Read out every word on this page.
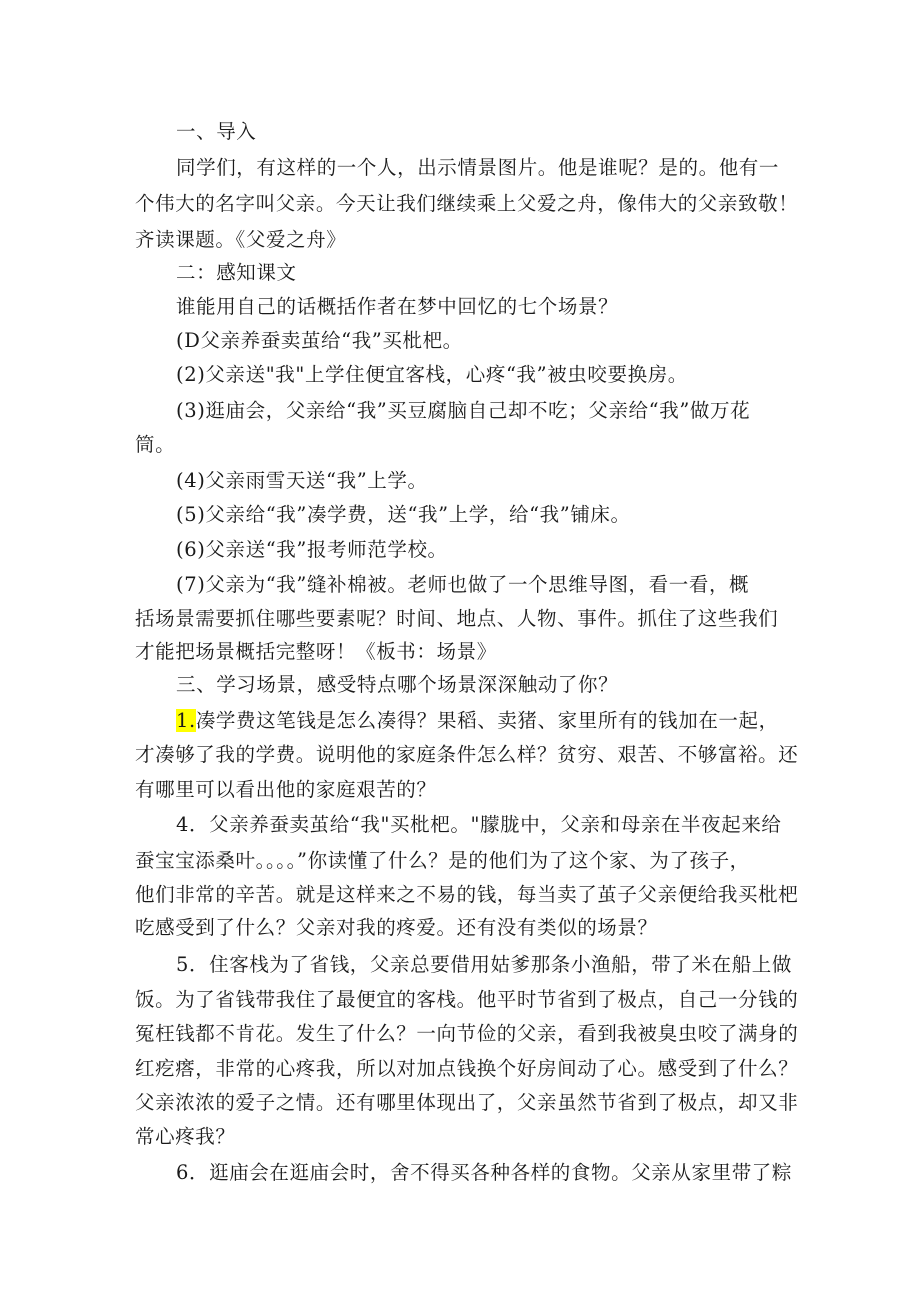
一、导入
同学们，有这样的一个人，出示情景图片。他是谁呢？是的。他有一
个伟大的名字叫父亲。今天让我们继续乘上父爱之舟，像伟大的父亲致敬！
齐读课题。《父爱之舟》
二：感知课文
谁能用自己的话概括作者在梦中回忆的七个场景？
(D父亲养蚕卖茧给“我”买枇杷。
(2)父亲送"我"上学住便宜客栈，心疼“我”被虫咬要换房。
(3)逛庙会，父亲给“我”买豆腐脑自己却不吃；父亲给“我”做万花
筒。
(4)父亲雨雪天送“我”上学。
(5)父亲给“我”凑学费，送“我”上学，给“我”铺床。
(6)父亲送“我”报考师范学校。
(7)父亲为“我”缝补棉被。老师也做了一个思维导图，看一看，概
括场景需要抓住哪些要素呢？时间、地点、人物、事件。抓住了这些我们
才能把场景概括完整呀！《板书：场景》
三、学习场景，感受特点哪个场景深深触动了你？
1.凑学费这笔钱是怎么凑得？果稻、卖猪、家里所有的钱加在一起，
才凑够了我的学费。说明他的家庭条件怎么样？贫穷、艰苦、不够富裕。还
有哪里可以看出他的家庭艰苦的？
4．父亲养蚕卖茧给“我"买枇杷。"朦胧中，父亲和母亲在半夜起来给
蚕宝宝添桑叶。。。。”你读懂了什么？是的他们为了这个家、为了孩子，
他们非常的辛苦。就是这样来之不易的钱，每当卖了茧子父亲便给我买枇杷
吃感受到了什么？父亲对我的疼爱。还有没有类似的场景？
5．住客栈为了省钱，父亲总要借用姑爹那条小渔船，带了米在船上做
饭。为了省钱带我住了最便宜的客栈。他平时节省到了极点，自己一分钱的
冤枉钱都不肯花。发生了什么？一向节俭的父亲，看到我被臭虫咬了满身的
红疙瘩，非常的心疼我，所以对加点钱换个好房间动了心。感受到了什么？
父亲浓浓的爱子之情。还有哪里体现出了，父亲虽然节省到了极点，却又非
常心疼我？
6．逛庙会在逛庙会时，舍不得买各种各样的食物。父亲从家里带了粽
